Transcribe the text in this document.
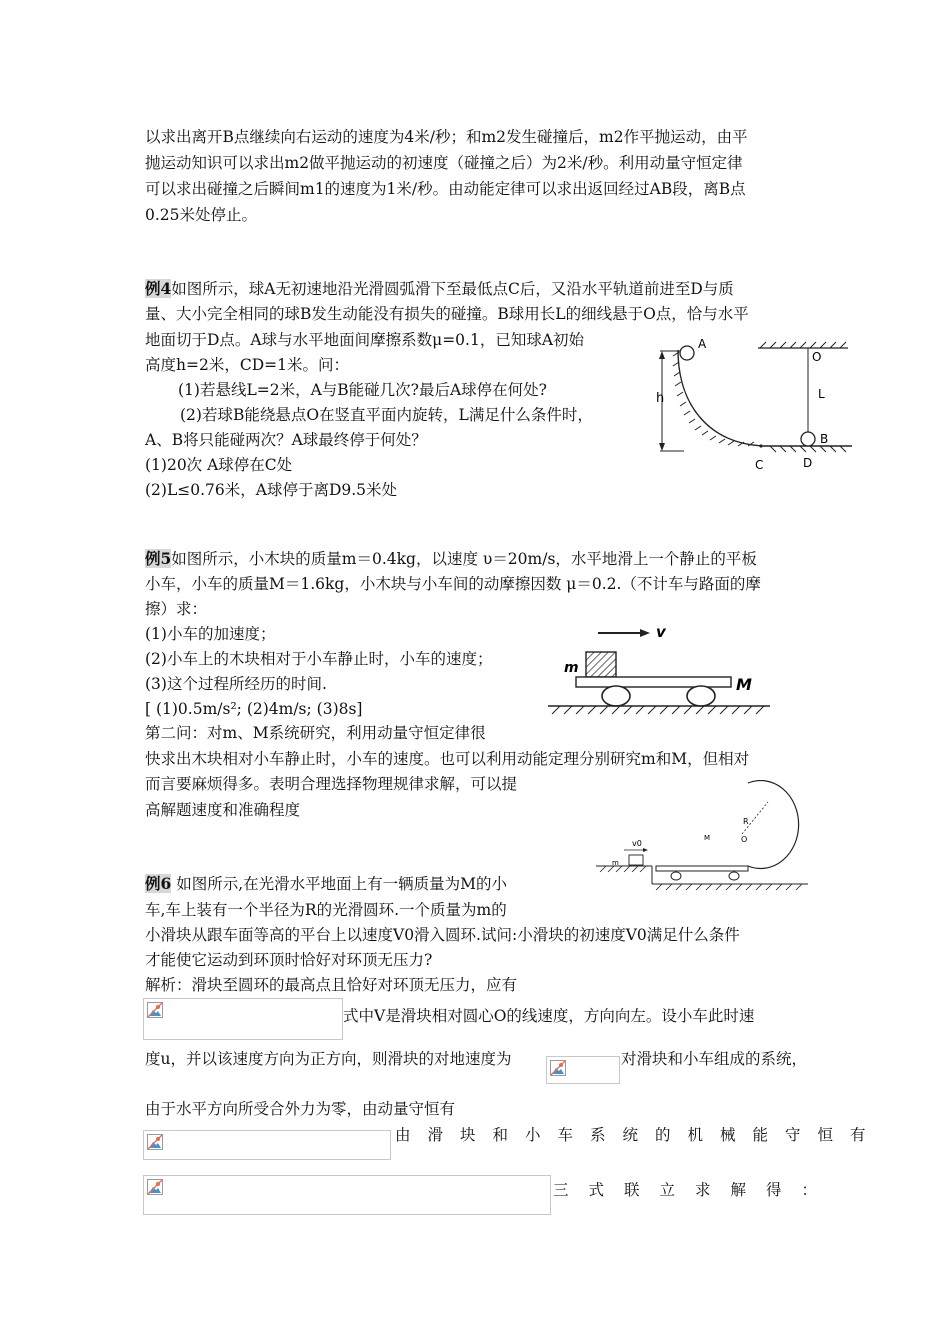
以求出离开B点继续向右运动的速度为4米/秒；和m2发生碰撞后，m2作平抛运动，由平
抛运动知识可以求出m2做平抛运动的初速度（碰撞之后）为2米/秒。利用动量守恒定律
可以求出碰撞之后瞬间m1的速度为1米/秒。由动能定律可以求出返回经过AB段，离B点
0.25米处停止。
例4如图所示，球A无初速地沿光滑圆弧滑下至最低点C后，又沿水平轨道前进至D与质
量、大小完全相同的球B发生动能没有损失的碰撞。B球用长L的细线悬于O点，恰与水平
地面切于D点。A球与水平地面间摩擦系数μ=0.1，已知球A初始
高度h=2米，CD=1米。问：
(1)若悬线L=2米，A与B能碰几次?最后A球停在何处?
(2)若球B能绕悬点O在竖直平面内旋转，L满足什么条件时，
A、B将只能碰两次？A球最终停于何处？
(1)20次 A球停在C处
(2)L≤0.76米，A球停于离D9.5米处
h
A
C
O
L
B
D
例5如图所示，小木块的质量m＝0.4kg，以速度 υ＝20m/s，水平地滑上一个静止的平板
小车，小车的质量M＝1.6kg，小木块与小车间的动摩擦因数 μ＝0.2.（不计车与路面的摩
擦）求：
(1)小车的加速度；
(2)小车上的木块相对于小车静止时，小车的速度；
(3)这个过程所经历的时间.
[ (1)0.5m/s²; (2)4m/s; (3)8s]
第二问：对m、M系统研究，利用动量守恒定律很
快求出木块相对小车静止时，小车的速度。也可以利用动能定理分别研究m和M，但相对
而言要麻烦得多。表明合理选择物理规律求解，可以提
高解题速度和准确程度
v
m
M
O
R
M
v0
m
例6 如图所示,在光滑水平地面上有一辆质量为M的小
车,车上装有一个半径为R的光滑圆环.一个质量为m的
小滑块从跟车面等高的平台上以速度V0滑入圆环.试问:小滑块的初速度V0满足什么条件
才能使它运动到环顶时恰好对环顶无压力?
解析：滑块至圆环的最高点且恰好对环顶无压力，应有
式中V是滑块相对圆心O的线速度，方向向左。设小车此时速
度u，并以该速度方向为正方向，则滑块的对地速度为	对滑块和小车组成的系统，
由于水平方向所受合外力为零，由动量守恒有
由滑块和小车系统的机械能守恒有
三式联立求解得：
